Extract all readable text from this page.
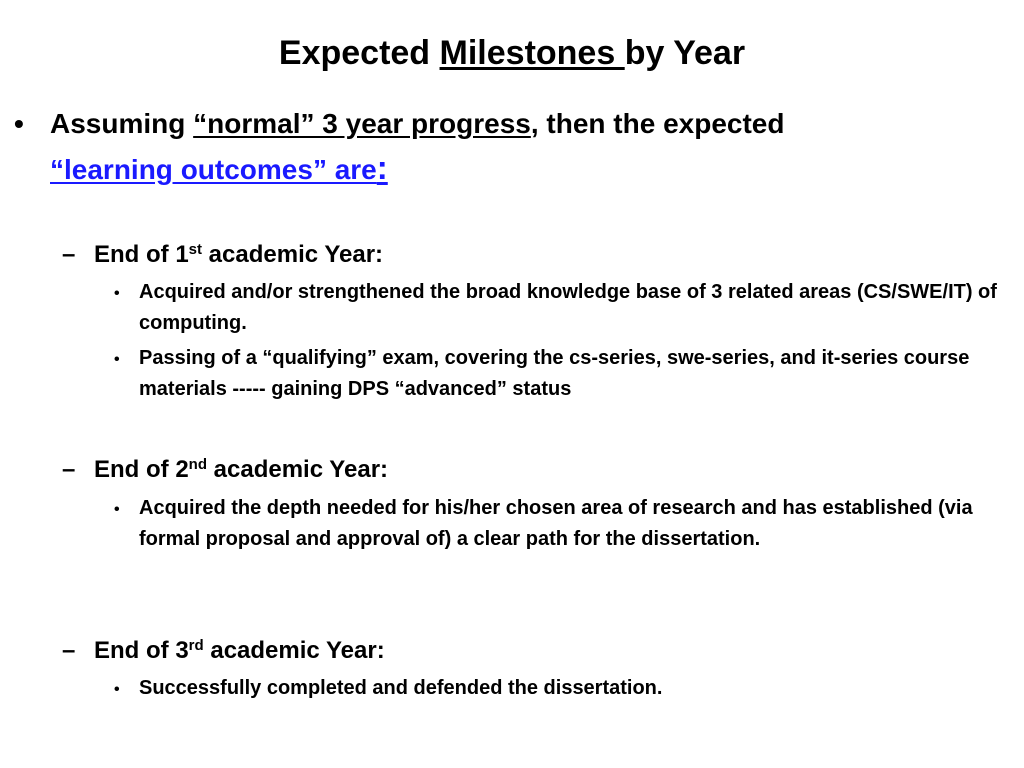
Expected Milestones by Year
• Assuming “normal” 3 year progress, then the expected
“learning outcomes” are:
– End of 1st academic Year:
• Acquired and/or strengthened the broad knowledge base of 3 related areas (CS/SWE/IT) of computing.
• Passing of a “qualifying” exam, covering the cs-series, swe-series, and it-series course materials ----- gaining DPS “advanced” status
– End of 2nd academic Year:
• Acquired the depth needed for his/her chosen area of research and has established (via formal proposal and approval of) a clear path for the dissertation.
– End of 3rd academic Year:
• Successfully completed and defended the dissertation.
